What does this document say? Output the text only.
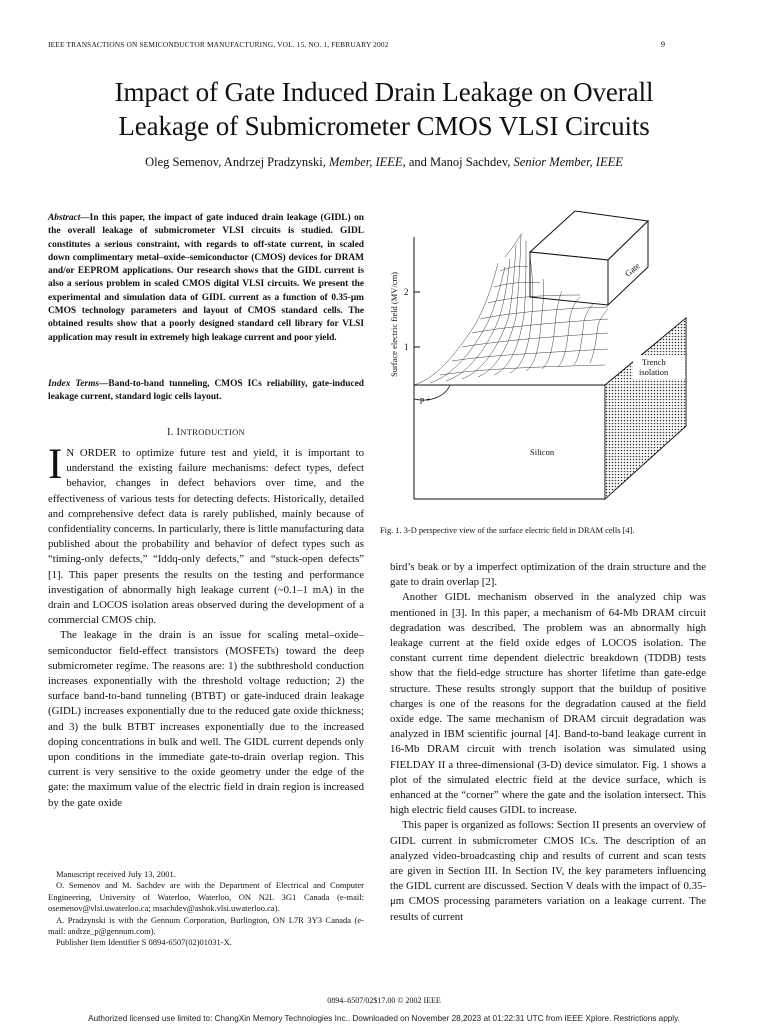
IEEE TRANSACTIONS ON SEMICONDUCTOR MANUFACTURING, VOL. 15, NO. 1, FEBRUARY 2002	9
Impact of Gate Induced Drain Leakage on Overall
Leakage of Submicrometer CMOS VLSI Circuits
Oleg Semenov, Andrzej Pradzynski, Member, IEEE, and Manoj Sachdev, Senior Member, IEEE
Abstract—In this paper, the impact of gate induced drain leakage (GIDL) on the overall leakage of submicrometer VLSI circuits is studied. GIDL constitutes a serious constraint, with regards to off-state current, in scaled down complimentary metal–oxide–semiconductor (CMOS) devices for DRAM and/or EEPROM applications. Our research shows that the GIDL current is also a serious problem in scaled CMOS digital VLSI circuits. We present the experimental and simulation data of GIDL current as a function of 0.35-μm CMOS technology parameters and layout of CMOS standard cells. The obtained results show that a poorly designed standard cell library for VLSI application may result in extremely high leakage current and poor yield.
Index Terms—Band-to-band tunneling, CMOS ICs reliability, gate-induced leakage current, standard logic cells layout.
I. INTRODUCTION

I N ORDER to optimize future test and yield, it is important to understand the existing failure mechanisms: defect types, defect behavior, changes in defect behaviors over time, and the effectiveness of various tests for detecting defects. Historically, detailed and comprehensive defect data is rarely published, mainly because of confidentiality concerns. In particularly, there is little manufacturing data published about the probability and behavior of defect types such as “timing-only defects,” “Iddq-only defects,” and “stuck-open defects” [1]. This paper presents the results on the testing and performance investigation of abnormally high leakage current (~0.1–1 mA) in the drain and LOCOS isolation areas observed during the development of a commercial CMOS chip.

The leakage in the drain is an issue for scaling metal–oxide–semiconductor field-effect transistors (MOSFETs) toward the deep submicrometer regime. The reasons are: 1) the subthreshold conduction increases exponentially with the threshold voltage reduction; 2) the surface band-to-band tunneling (BTBT) or gate-induced drain leakage (GIDL) increases exponentially due to the reduced gate oxide thickness; and 3) the bulk BTBT increases exponentially due to the increased doping concentrations in bulk and well. The GIDL current depends only upon conditions in the immediate gate-to-drain overlap region. This current is very sensitive to the oxide geometry under the edge of the gate: the maximum value of the electric field in drain region is increased by the gate oxide

Manuscript received July 13, 2001.

O. Semenov and M. Sachdev are with the Department of Electrical and Computer Engineering, University of Waterloo, Waterloo, ON N2L 3G1 Canada (e-mail: osemenov@vlsi.uwaterloo.ca; msachdev@ashok.vlsi.uwaterloo.ca).

A. Pradzynski is with the Gennum Corporation, Burlington, ON L7R 3Y3 Canada (e-mail: andrze_p@gennum.com).

Publisher Item Identifier S 0894-6507(02)01031-X.

Surface electric field (MV/cm) 2
1
Gate
Trench
isolation
p +
Silicon
Fig. 1. 3-D perspective view of the surface electric field in DRAM cells [4].

bird’s beak or by a imperfect optimization of the drain structure and the gate to drain overlap [2].

Another GIDL mechanism observed in the analyzed chip was mentioned in [3]. In this paper, a mechanism of 64-Mb DRAM circuit degradation was described. The problem was an abnormally high leakage current at the field oxide edges of LOCOS isolation. The constant current time dependent dielectric breakdown (TDDB) tests show that the field-edge structure has shorter lifetime than gate-edge structure. These results strongly support that the buildup of positive charges is one of the reasons for the degradation caused at the field oxide edge. The same mechanism of DRAM circuit degradation was analyzed in IBM scientific journal [4]. Band-to-band leakage current in 16-Mb DRAM circuit with trench isolation was simulated using FIELDAY II a three-dimensional (3-D) device simulator. Fig. 1 shows a plot of the simulated electric field at the device surface, which is enhanced at the “corner” where the gate and the isolation intersect. This high electric field causes GIDL to increase.

This paper is organized as follows: Section II presents an overview of GIDL current in submicrometer CMOS ICs. The description of an analyzed video-broadcasting chip and results of current and scan tests are given in Section III. In Section IV, the key parameters influencing the GIDL current are discussed. Section V deals with the impact of 0.35-μm CMOS processing parameters variation on a leakage current. The results of current

0894–6507/02$17.00 © 2002 IEEE
Authorized licensed use limited to: ChangXin Memory Technologies Inc.. Downloaded on November 28,2023 at 01:22:31 UTC from IEEE Xplore. Restrictions apply.
